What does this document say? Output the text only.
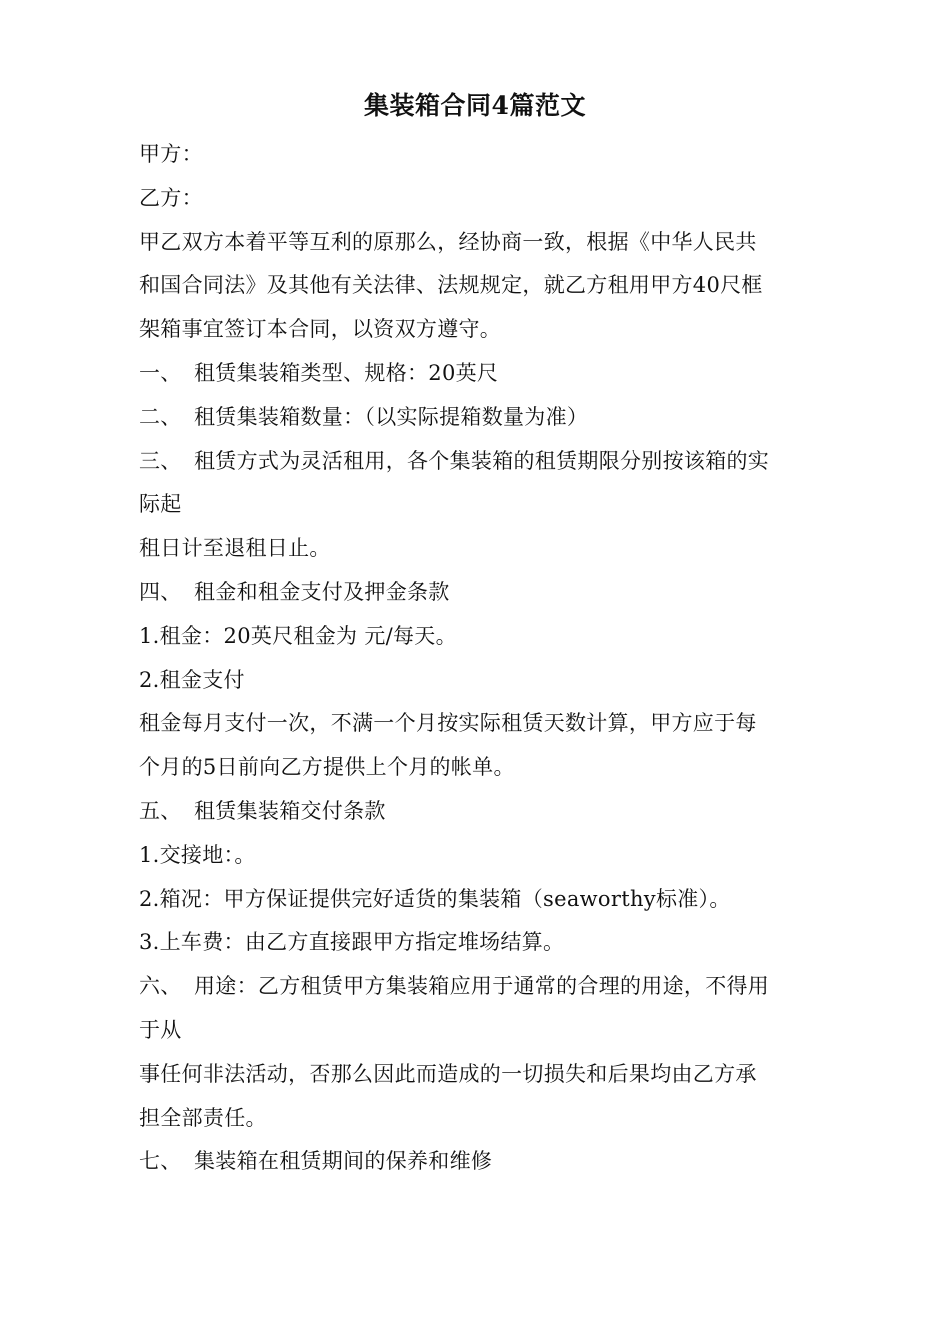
集装箱合同4篇范文
甲方：
乙方：
甲乙双方本着平等互利的原那么，经协商一致，根据《中华人民共
和国合同法》及其他有关法律、法规规定，就乙方租用甲方40尺框
架箱事宜签订本合同，以资双方遵守。
一、 租赁集装箱类型、规格：20英尺
二、 租赁集装箱数量：（以实际提箱数量为准）
三、 租赁方式为灵活租用，各个集装箱的租赁期限分别按该箱的实
际起
租日计至退租日止。
四、 租金和租金支付及押金条款
1.租金：20英尺租金为 元/每天。
2.租金支付
租金每月支付一次，不满一个月按实际租赁天数计算，甲方应于每
个月的5日前向乙方提供上个月的帐单。
五、 租赁集装箱交付条款
1.交接地：。
2.箱况：甲方保证提供完好适货的集装箱（seaworthy标准）。
3.上车费：由乙方直接跟甲方指定堆场结算。
六、 用途：乙方租赁甲方集装箱应用于通常的合理的用途，不得用
于从
事任何非法活动，否那么因此而造成的一切损失和后果均由乙方承
担全部责任。
七、 集装箱在租赁期间的保养和维修
